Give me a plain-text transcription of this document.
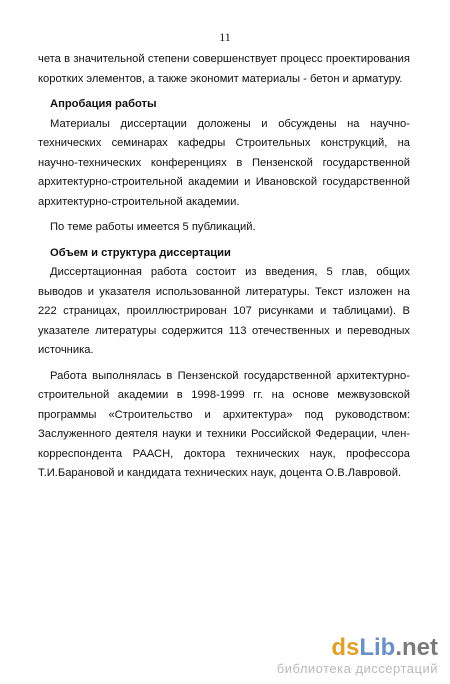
11

чета в значительной степени совершенствует процесс проектирования коротких элементов, а также экономит материалы - бетон и арматуру.

Апробация работы

Материалы диссертации доложены и обсуждены на научно-технических семинарах кафедры Строительных конструкций, на научно-технических конференциях в Пензенской государственной архитектурно-строительной академии и Ивановской государственной архитектурно-строительной академии.

По теме работы имеется 5 публикаций.

Объем и структура диссертации

Диссертационная работа состоит из введения, 5 глав, общих выводов и указателя использованной литературы. Текст изложен на 222 страницах, проиллюстрирован 107 рисунками и таблицами). В указателе литературы содержится 113 отечественных и переводных источника.

Работа выполнялась в Пензенской государственной архитектурно-строительной академии в 1998-1999 гг. на основе межвузовской программы «Строительство и архитектура» под руководством: Заслуженного деятеля науки и техники Российской Федерации, член-корреспондента РААСН, доктора технических наук, профессора Т.И.Барановой и кандидата технических наук, доцента О.В.Лавровой.

dsLib.net
библиотека диссертаций
